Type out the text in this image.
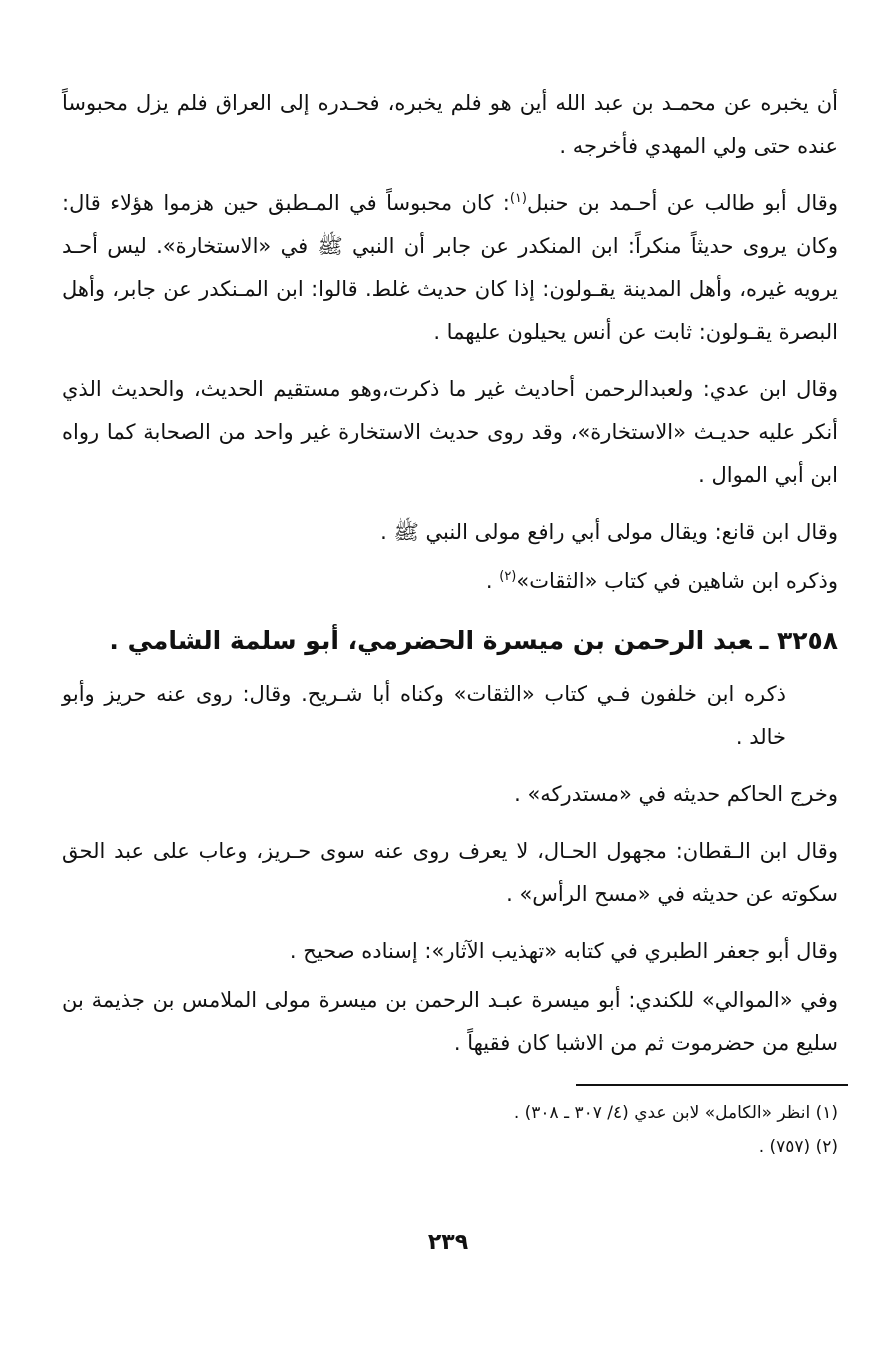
أن يخبره عن محمـد بن عبد الله أين هو فلم يخبره، فحـدره إلى العراق فلم يزل محبوساً عنده حتى ولي المهدي فأخرجه .

وقال أبو طالب عن أحـمد بن حنبل$^{(١)}$: كان محبوساً في المـطبق حين هزموا هؤلاء قال: وكان يروى حديثاً منكراً: ابن المنكدر عن جابر أن النبي ﷺ في «الاستخارة». ليس أحـد يرويه غيره، وأهل المدينة يقـولون: إذا كان حديث غلط. قالوا: ابن المـنكدر عن جابر، وأهل البصرة يقـولون: ثابت عن أنس يحيلون عليهما .

وقال ابن عدي: ولعبدالرحمن أحاديث غير ما ذكرت،وهو مستقيم الحديث، والحديث الذي أنكر عليه حديـث «الاستخارة»، وقد روى حديث الاستخارة غير واحد من الصحابة كما رواه ابن أبي الموال .

وقال ابن قانع: ويقال مولى أبي رافع مولى النبي ﷺ .

وذكره ابن شاهين في كتاب «الثقات»$^{(٢)}$ .

٣٢٥٨ ـعبد الرحمن بن ميسرة الحضرمي، أبو سلمة الشامي .

ذكره ابن خلفون فـي كتاب «الثقات» وكناه أبا شـريح. وقال: روى عنه حريز وأبو خالد .

وخرج الحاكم حديثه في «مستدركه» .

وقال ابن الـقطان: مجهول الحـال، لا يعرف روى عنه سوى حـريز، وعاب على عبد الحق سكوته عن حديثه في «مسح الرأس» .

وقال أبو جعفر الطبري في كتابه «تهذيب الآثار»: إسناده صحيح .

وفي «الموالي» للكندي: أبو ميسرة عبـد الرحمن بن ميسرة مولى الملامس بن جذيمة بن سليع من حضرموت ثم من الاشبا كان فقيهاً .

(١) انظر «الكامل» لابن عدي (٤/ ٣٠٧ ـ ٣٠٨) .

(٢) (٧٥٧) .

٢٣٩
